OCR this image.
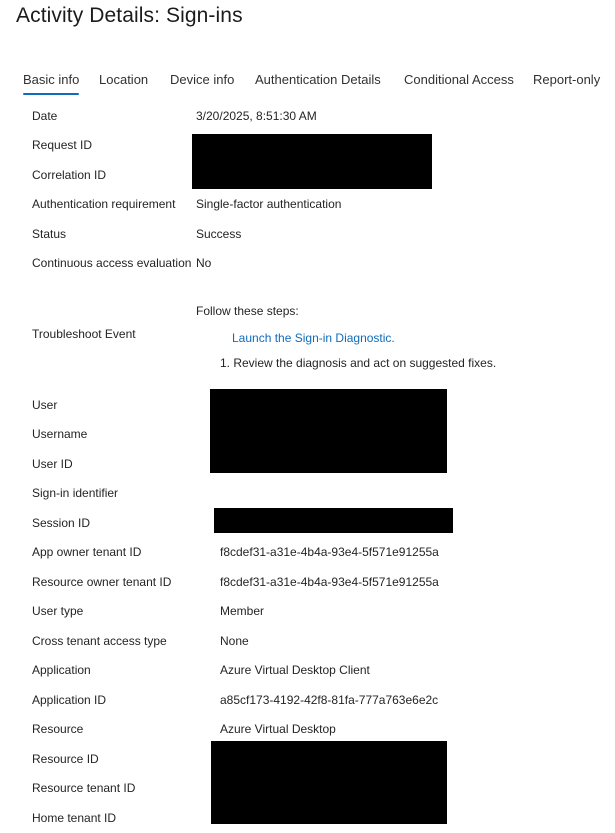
Activity Details: Sign-ins
Basic info Location Device info Authentication Details Conditional Access Report-only
Date	3/20/2025, 8:51:30 AM
Request ID
Correlation ID
Authentication requirement Single-factor authentication
Status	Success
Continuous access evaluation No
Follow these steps:
Troubleshoot Event	Launch the Sign-in Diagnostic.
1. Review the diagnosis and act on suggested fixes.
User
Username
User ID
Sign-in identifier
Session ID
App owner tenant ID	f8cdef31-a31e-4b4a-93e4-5f571e91255a
Resource owner tenant ID	f8cdef31-a31e-4b4a-93e4-5f571e91255a
User type	Member
Cross tenant access type	None
Application	Azure Virtual Desktop Client
Application ID	a85cf173-4192-42f8-81fa-777a763e6e2c
Resource	Azure Virtual Desktop
Resource ID
Resource tenant ID
Home tenant ID
